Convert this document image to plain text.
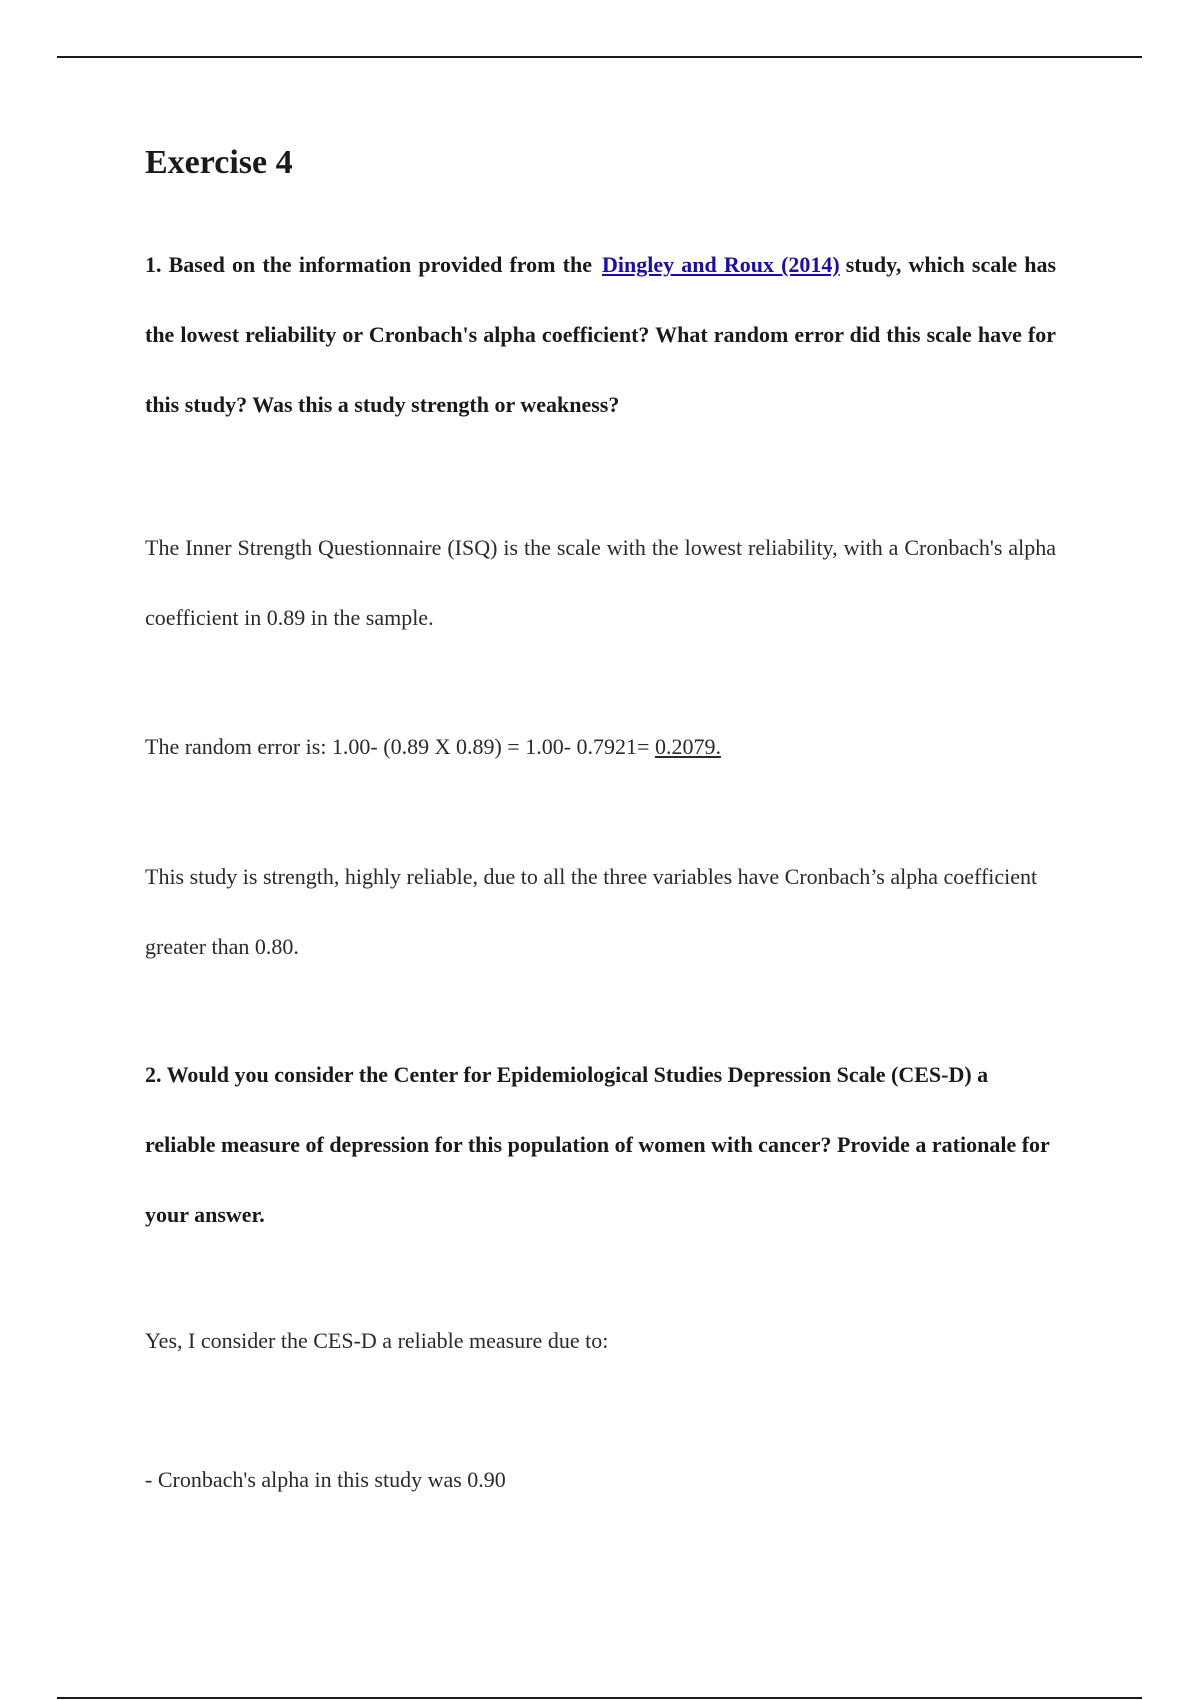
Exercise 4

1. Based on the information provided from the Dingley and Roux (2014) study, which scale has the lowest reliability or Cronbach's alpha coefficient? What random error did this scale have for this study? Was this a study strength or weakness?

The Inner Strength Questionnaire (ISQ) is the scale with the lowest reliability, with a Cronbach's alpha coefficient in 0.89 in the sample.

The random error is: 1.00- (0.89 X 0.89) = 1.00- 0.7921= 0.2079.

This study is strength, highly reliable, due to all the three variables have Cronbach’s alpha coefficient greater than 0.80.

2. Would you consider the Center for Epidemiological Studies Depression Scale (CES-D) a reliable measure of depression for this population of women with cancer? Provide a rationale for your answer.

Yes, I consider the CES-D a reliable measure due to:

- Cronbach's alpha in this study was 0.90
